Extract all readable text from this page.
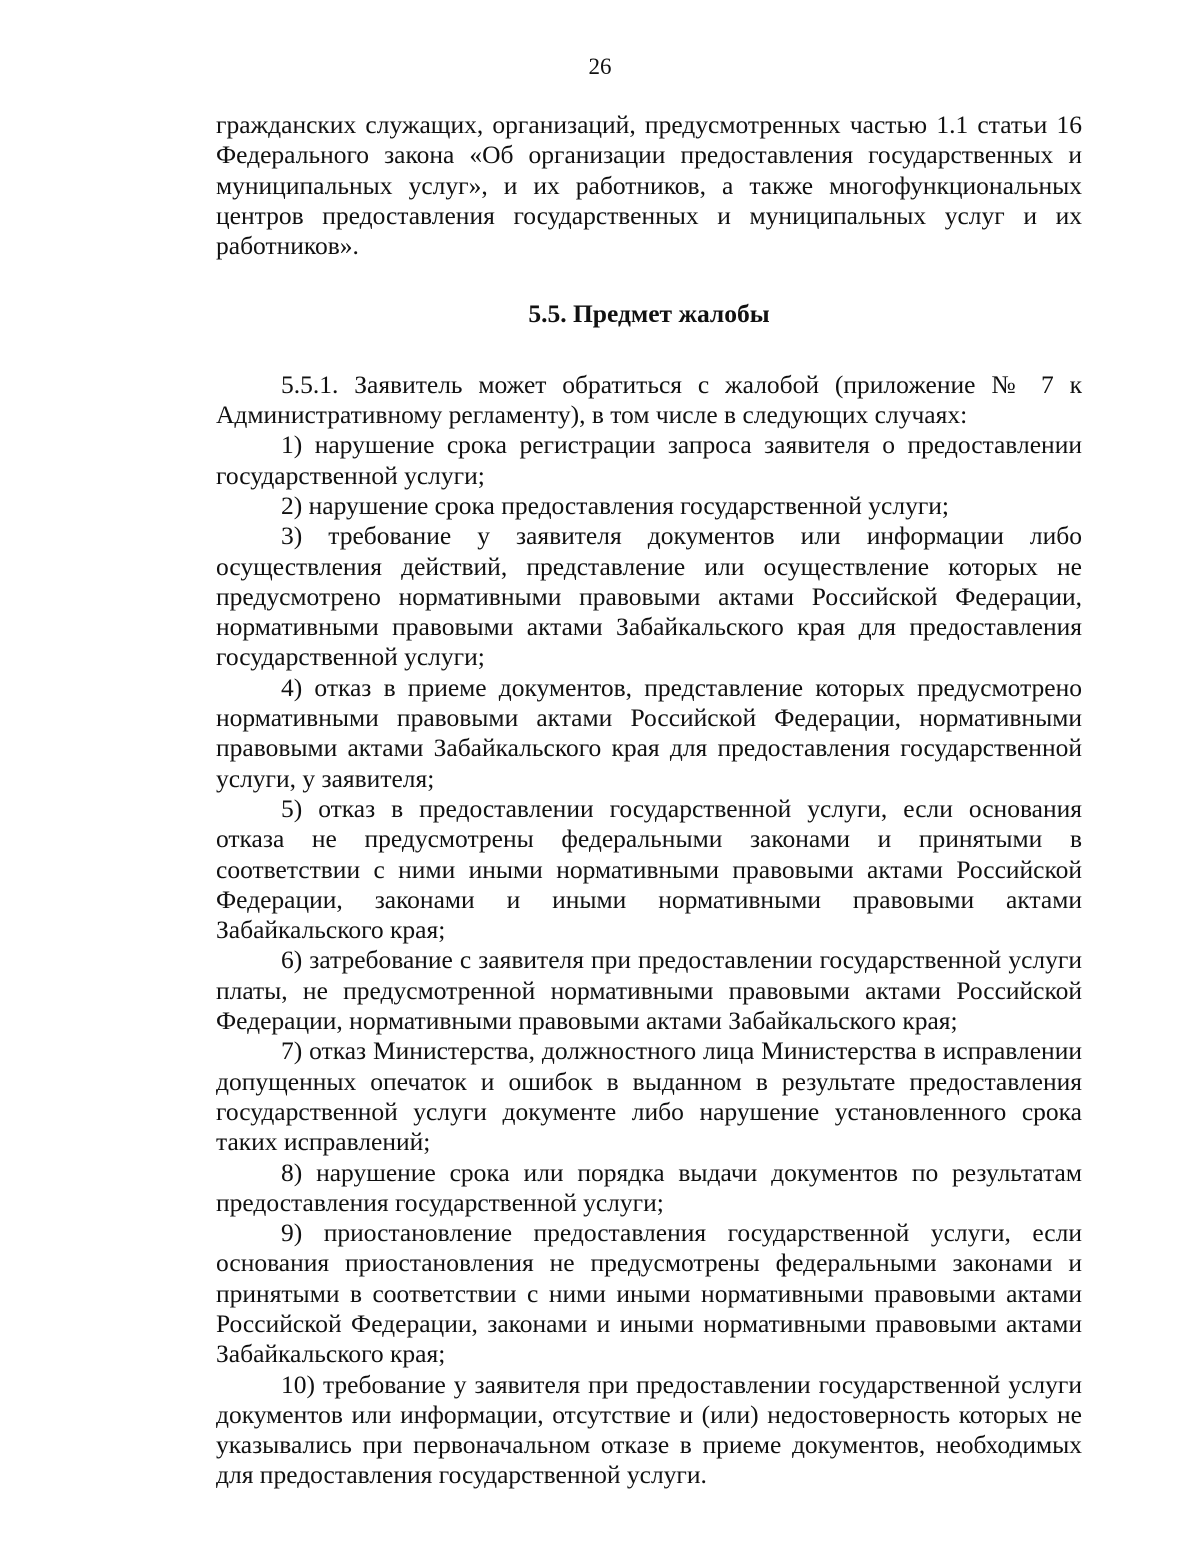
26

гражданских служащих, организаций, предусмотренных частью 1.1 статьи 16 Федерального закона «Об организации предоставления государственных и муниципальных услуг», и их работников, а также многофункциональных центров предоставления государственных и муниципальных услуг и их работников».

5.5. Предмет жалобы

5.5.1. Заявитель может обратиться с жалобой (приложение № 7 к Административному регламенту), в том числе в следующих случаях:

1) нарушение срока регистрации запроса заявителя о предоставлении государственной услуги;

2) нарушение срока предоставления государственной услуги;

3) требование у заявителя документов или информации либо осуществления действий, представление или осуществление которых не предусмотрено нормативными правовыми актами Российской Федерации, нормативными правовыми актами Забайкальского края для предоставления государственной услуги;

4) отказ в приеме документов, представление которых предусмотрено нормативными правовыми актами Российской Федерации, нормативными правовыми актами Забайкальского края для предоставления государственной услуги, у заявителя;

5) отказ в предоставлении государственной услуги, если основания отказа не предусмотрены федеральными законами и принятыми в соответствии с ними иными нормативными правовыми актами Российской Федерации, законами и иными нормативными правовыми актами Забайкальского края;

6) затребование с заявителя при предоставлении государственной услуги платы, не предусмотренной нормативными правовыми актами Российской Федерации, нормативными правовыми актами Забайкальского края;

7) отказ Министерства, должностного лица Министерства в исправлении допущенных опечаток и ошибок в выданном в результате предоставления государственной услуги документе либо нарушение установленного срока таких исправлений;

8) нарушение срока или порядка выдачи документов по результатам предоставления государственной услуги;

9) приостановление предоставления государственной услуги, если основания приостановления не предусмотрены федеральными законами и принятыми в соответствии с ними иными нормативными правовыми актами Российской Федерации, законами и иными нормативными правовыми актами Забайкальского края;

10) требование у заявителя при предоставлении государственной услуги документов или информации, отсутствие и (или) недостоверность которых не указывались при первоначальном отказе в приеме документов, необходимых для предоставления государственной услуги.
